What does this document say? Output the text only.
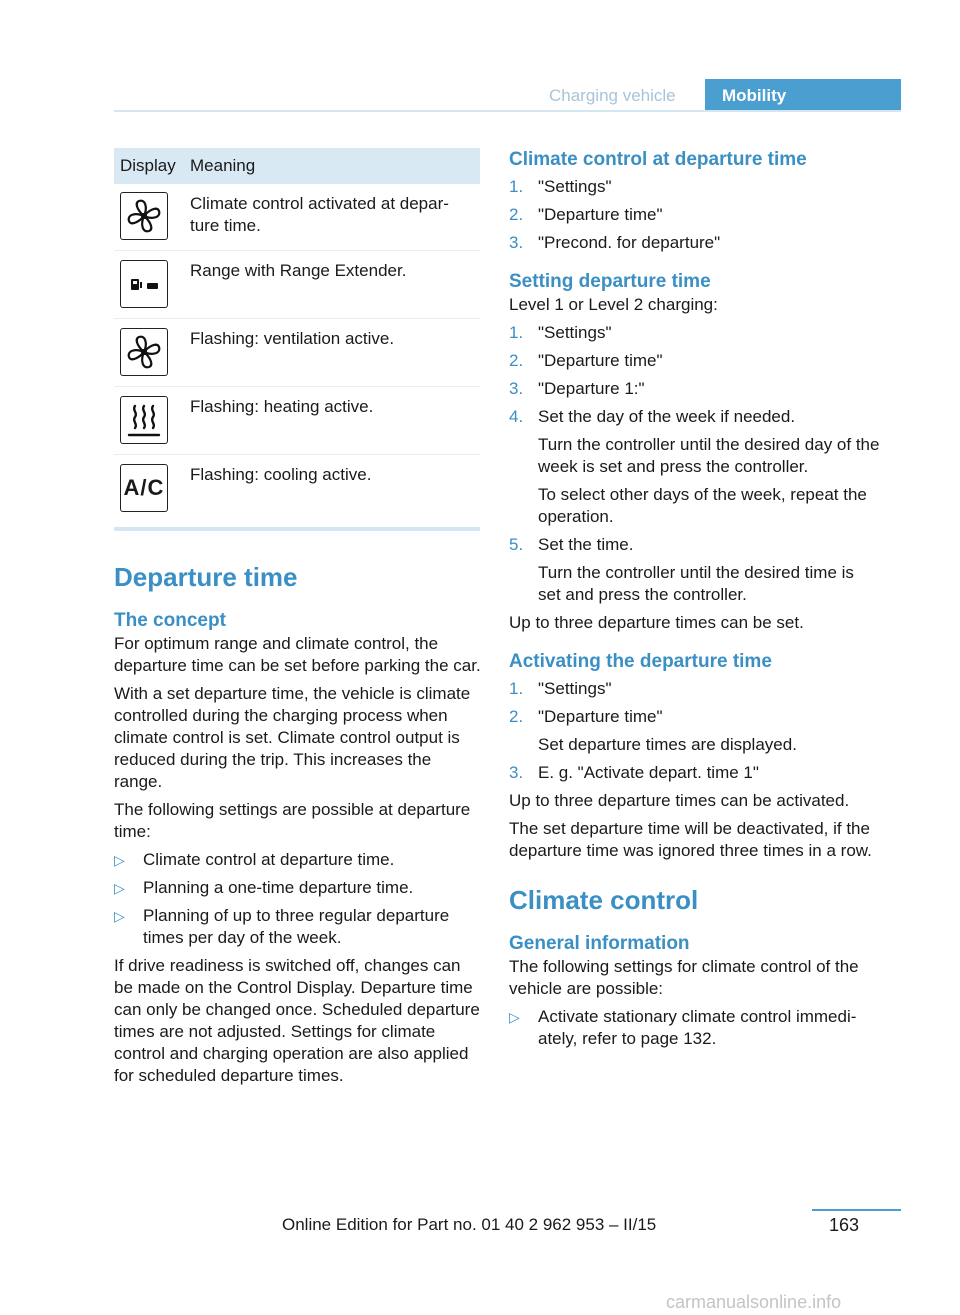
Charging vehicle	Mobility
Display Meaning
Climate control activated at departure time.
Range with Range Extender.
Flashing: ventilation active.
Flashing: heating active.
A/C
Flashing: cooling active.
Departure time
The concept

For optimum range and climate control, the departure time can be set before parking the car.

With a set departure time, the vehicle is climate controlled during the charging process when climate control is set. Climate control output is reduced during the trip. This increases the range.

The following settings are possible at departure time:

▷ Climate control at departure time.
▷ Planning a one-time departure time.
▷ Planning of up to three regular departure times per day of the week.

If drive readiness is switched off, changes can be made on the Control Display. Departure time can only be changed once. Scheduled departure times are not adjusted. Settings for climate control and charging operation are also applied for scheduled departure times.

Climate control at departure time
1. "Settings"
2. "Departure time"
3. "Precond. for departure"
Setting departure time

Level 1 or Level 2 charging:

1. "Settings"
2. "Departure time"
3. "Departure 1:"
4. Set the day of the week if needed.
Turn the controller until the desired day of the week is set and press the controller.
To select other days of the week, repeat the operation.
5. Set the time.
Turn the controller until the desired time is set and press the controller.

Up to three departure times can be set.

Activating the departure time
1. "Settings"
2. "Departure time"
Set departure times are displayed.
3. E. g. "Activate depart. time 1"

Up to three departure times can be activated.

The set departure time will be deactivated, if the departure time was ignored three times in a row.

Climate control
General information

The following settings for climate control of the vehicle are possible:

▷ Activate stationary climate control immediately, refer to page 132.
Online Edition for Part no. 01 40 2 962 953 – II/15	163
carmanualsonline.info
